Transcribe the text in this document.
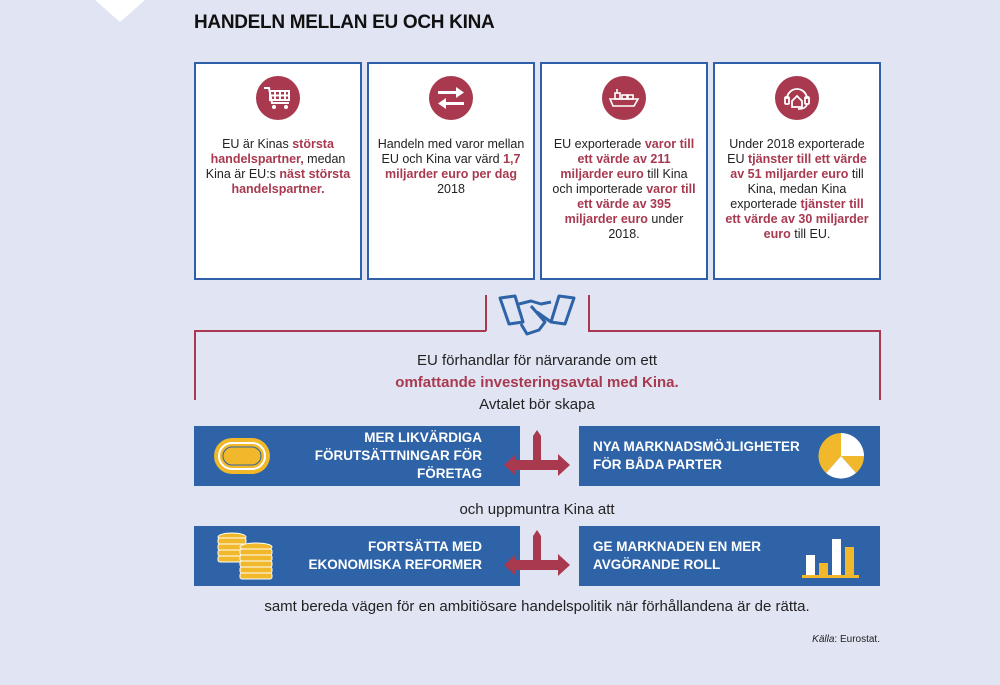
HANDELN MELLAN EU OCH KINA
EU är Kinas största handelspartner, medan Kina är EU:s näst största handelspartner.
Handeln med varor mellan EU och Kina var värd 1,7 miljarder euro per dag 2018
EU exporterade varor till ett värde av 211 miljarder euro till Kina och importerade varor till ett värde av 395 miljarder euro under 2018.
Under 2018 exporterade EU tjänster till ett värde av 51 miljarder euro till Kina, medan Kina exporterade tjänster till ett värde av 30 miljarder euro till EU.
EU förhandlar för närvarande om ett
omfattande investeringsavtal med Kina.
Avtalet bör skapa
MER LIKVÄRDIGA FÖRUTSÄTTNINGAR FÖR FÖRETAG
NYA MARKNADSMÖJLIGHETER FÖR BÅDA PARTER
och uppmuntra Kina att
FORTSÄTTA MED EKONOMISKA REFORMER
GE MARKNADEN EN MER AVGÖRANDE ROLL
samt bereda vägen för en ambitiösare handelspolitik när förhållandena är de rätta.
Källa: Eurostat.
